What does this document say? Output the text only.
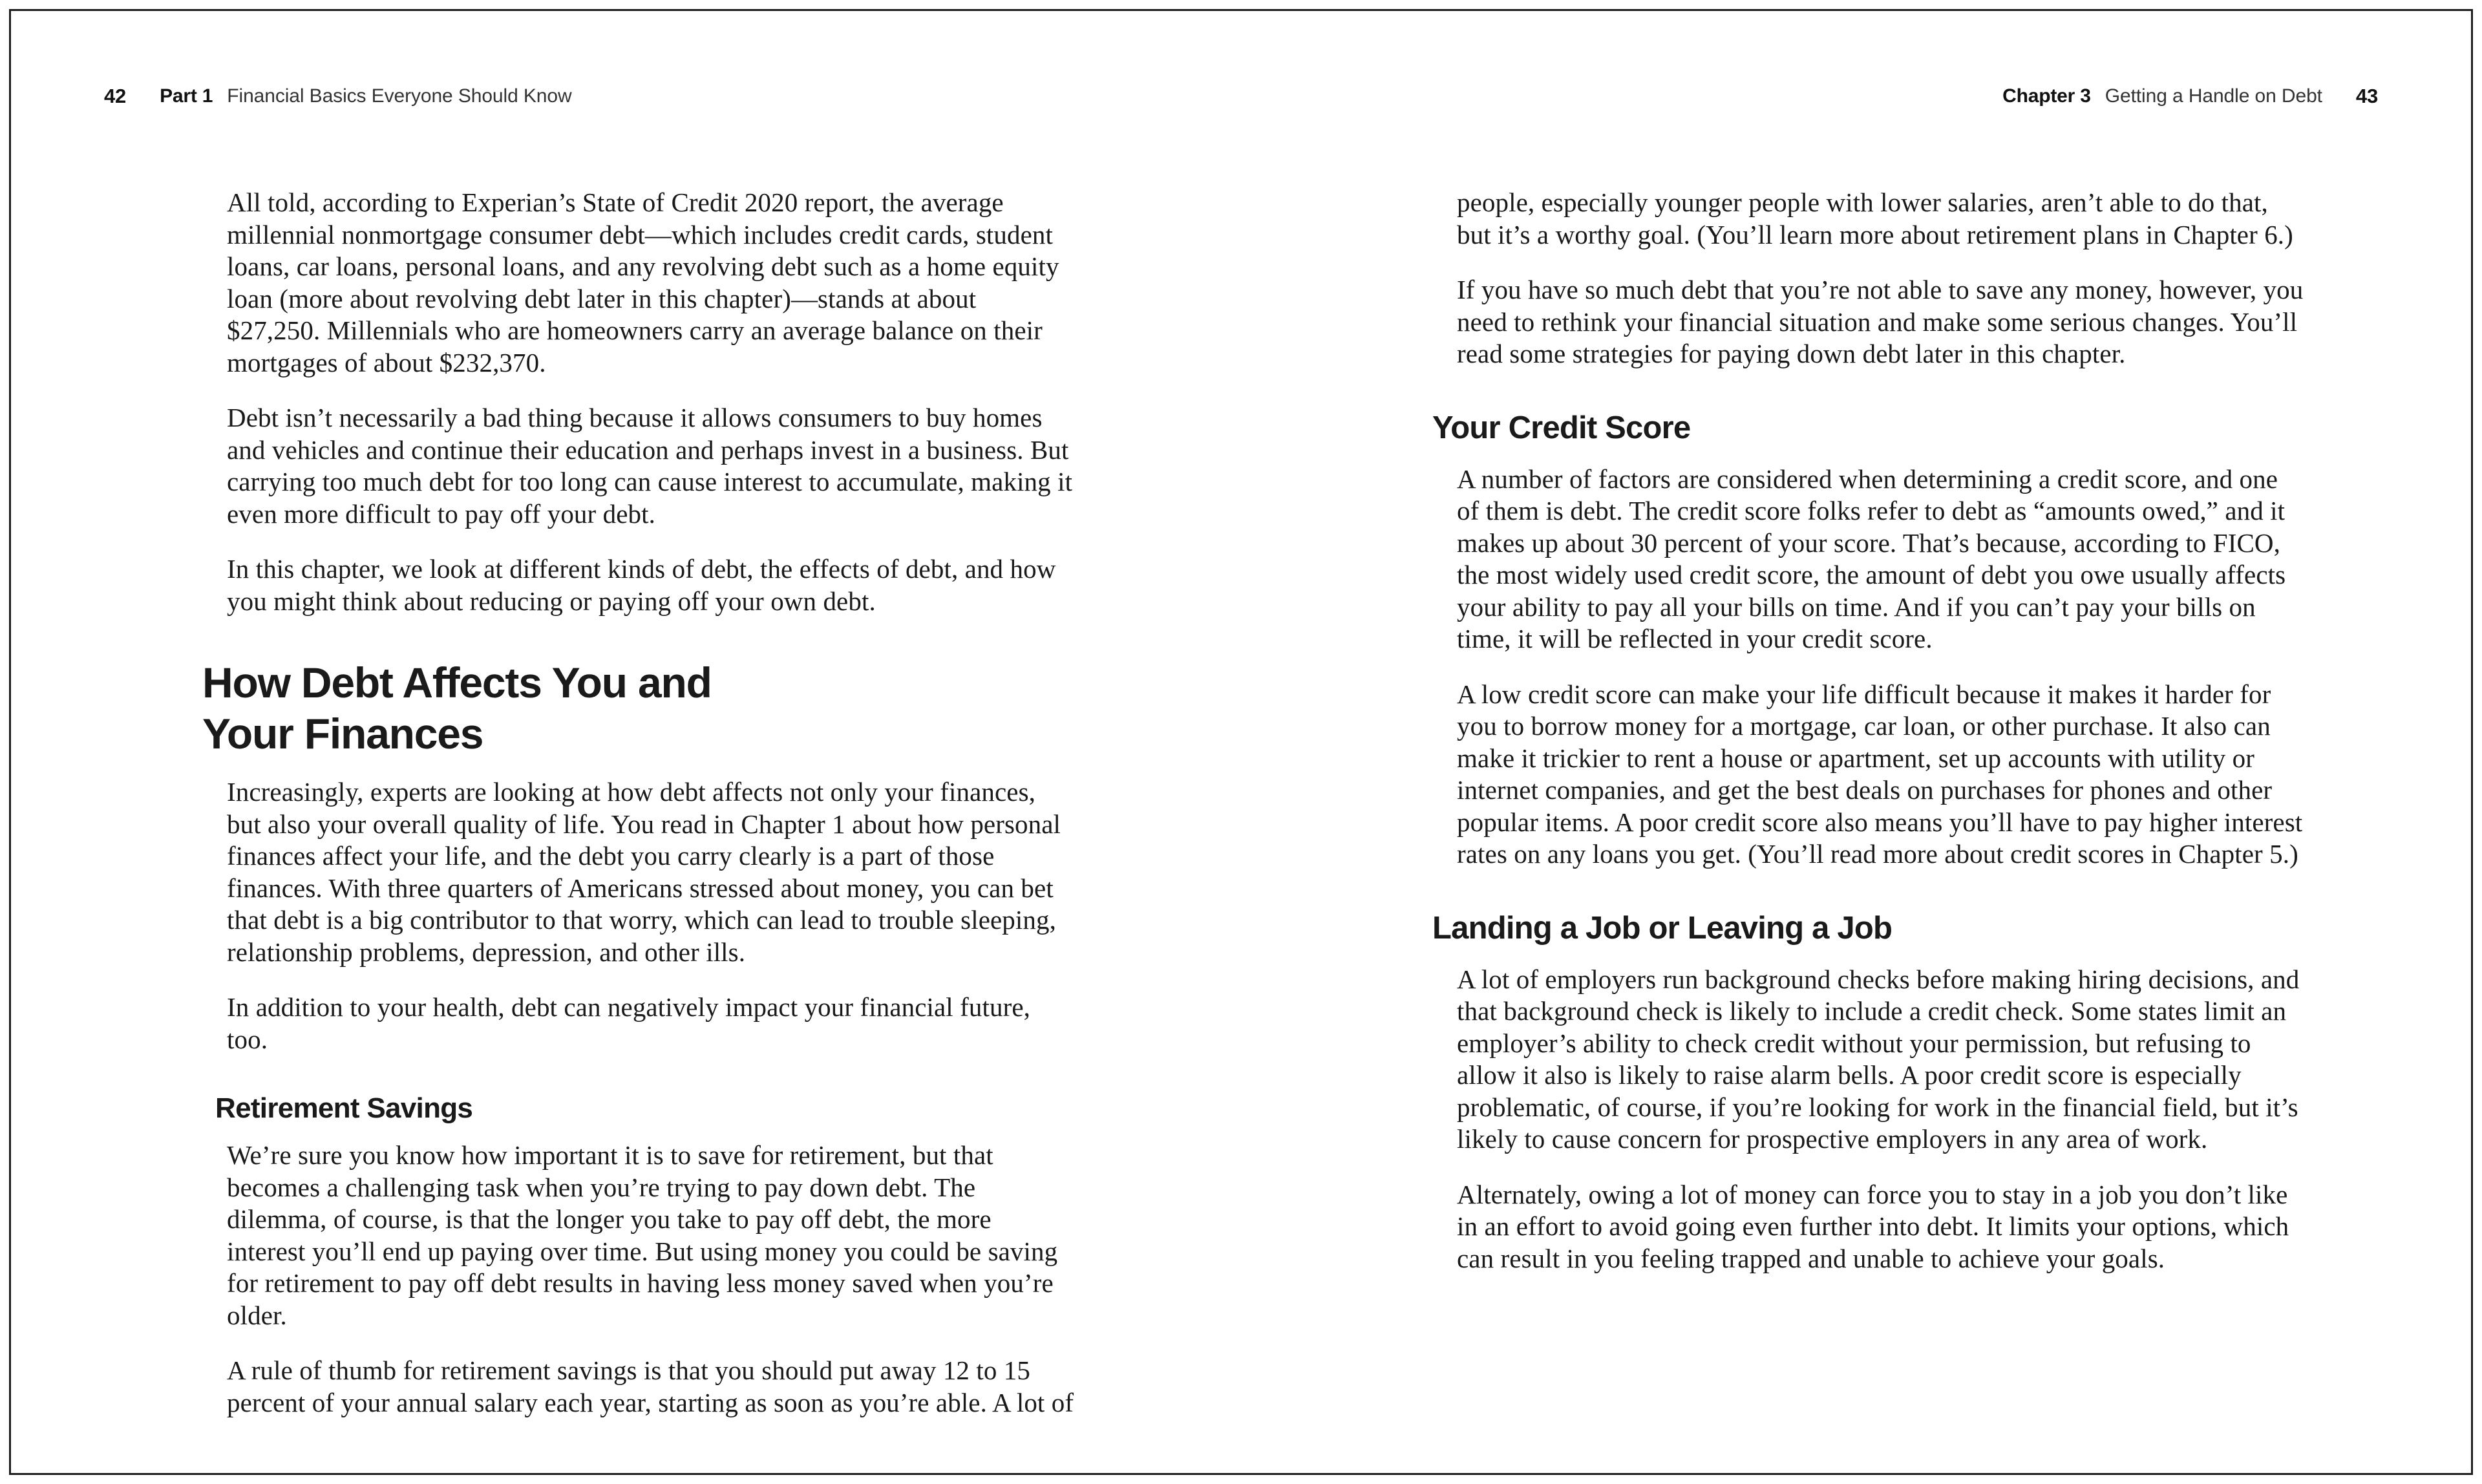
42 Part 1 Financial Basics Everyone Should Know

All told, according to Experian’s State of Credit 2020 report, the average millennial nonmortgage consumer debt—which includes credit cards, student loans, car loans, personal loans, and any revolving debt such as a home equity loan (more about revolving debt later in this chapter)—stands at about $27,250. Millennials who are homeowners carry an average balance on their mortgages of about $232,370.

Debt isn’t necessarily a bad thing because it allows consumers to buy homes and vehicles and continue their education and perhaps invest in a business. But carrying too much debt for too long can cause interest to accumulate, making it even more difficult to pay off your debt.

In this chapter, we look at different kinds of debt, the effects of debt, and how you might think about reducing or paying off your own debt.

How Debt Affects You and
Your Finances

Increasingly, experts are looking at how debt affects not only your finances, but also your overall quality of life. You read in Chapter 1 about how personal finances affect your life, and the debt you carry clearly is a part of those finances. With three quarters of Americans stressed about money, you can bet that debt is a big contributor to that worry, which can lead to trouble sleeping, relationship problems, depression, and other ills.

In addition to your health, debt can negatively impact your financial future, too.

Retirement Savings

We’re sure you know how important it is to save for retirement, but that becomes a challenging task when you’re trying to pay down debt. The dilemma, of course, is that the longer you take to pay off debt, the more interest you’ll end up paying over time. But using money you could be saving for retirement to pay off debt results in having less money saved when you’re older.

A rule of thumb for retirement savings is that you should put away 12 to 15 percent of your annual salary each year, starting as soon as you’re able. A lot of

Chapter 3 Getting a Handle on Debt 43

people, especially younger people with lower salaries, aren’t able to do that, but it’s a worthy goal. (You’ll learn more about retirement plans in Chapter 6.)

If you have so much debt that you’re not able to save any money, however, you need to rethink your financial situation and make some serious changes. You’ll read some strategies for paying down debt later in this chapter.

Your Credit Score

A number of factors are considered when determining a credit score, and one of them is debt. The credit score folks refer to debt as “amounts owed,” and it makes up about 30 percent of your score. That’s because, according to FICO, the most widely used credit score, the amount of debt you owe usually affects your ability to pay all your bills on time. And if you can’t pay your bills on time, it will be reflected in your credit score.

A low credit score can make your life difficult because it makes it harder for you to borrow money for a mortgage, car loan, or other purchase. It also can make it trickier to rent a house or apartment, set up accounts with utility or internet companies, and get the best deals on purchases for phones and other popular items. A poor credit score also means you’ll have to pay higher interest rates on any loans you get. (You’ll read more about credit scores in Chapter 5.)

Landing a Job or Leaving a Job

A lot of employers run background checks before making hiring decisions, and that background check is likely to include a credit check. Some states limit an employer’s ability to check credit without your permission, but refusing to allow it also is likely to raise alarm bells. A poor credit score is especially problematic, of course, if you’re looking for work in the financial field, but it’s likely to cause concern for prospective employers in any area of work.

Alternately, owing a lot of money can force you to stay in a job you don’t like in an effort to avoid going even further into debt. It limits your options, which can result in you feeling trapped and unable to achieve your goals.
